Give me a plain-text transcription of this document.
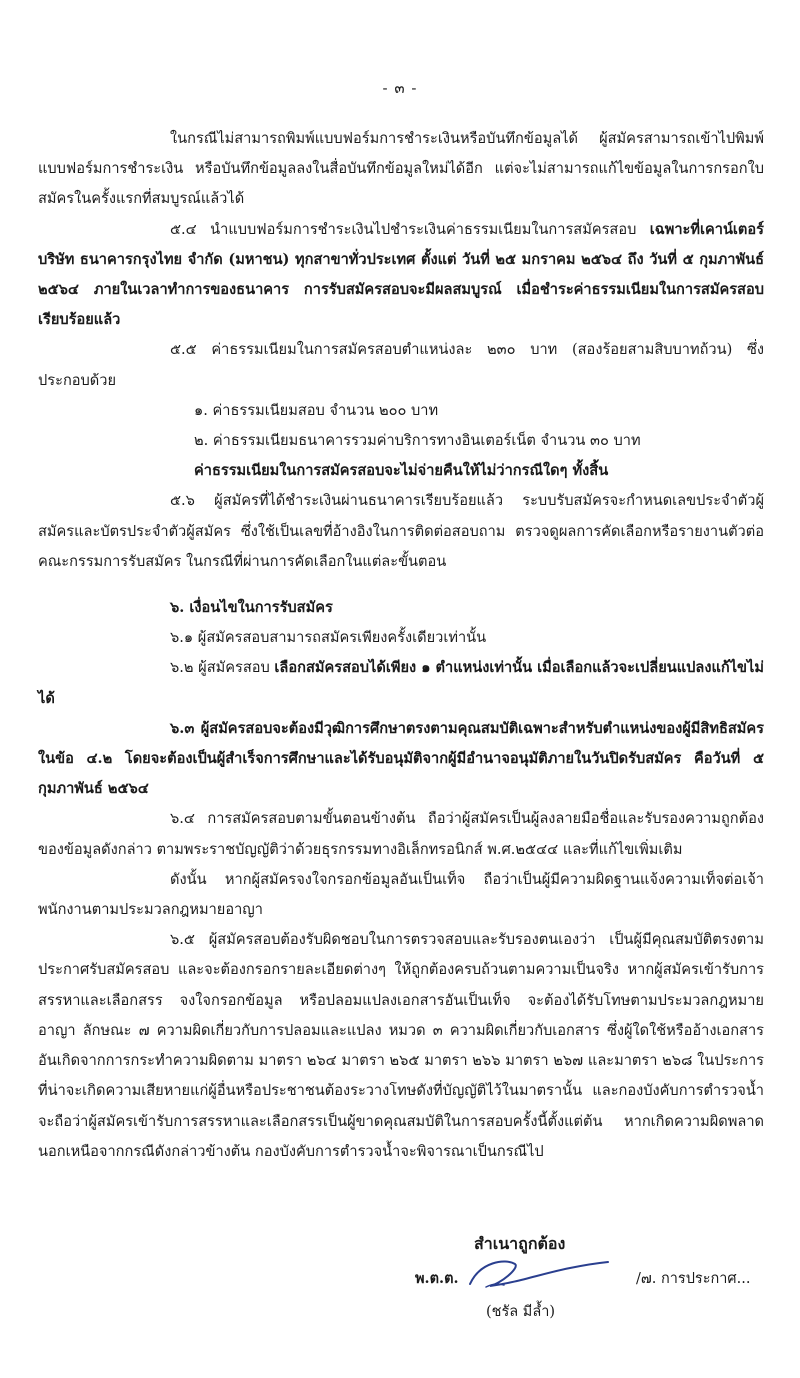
- ๓ -

ในกรณีไม่สามารถพิมพ์แบบฟอร์มการชำระเงินหรือบันทึกข้อมูลได้ ผู้สมัครสามารถเข้าไปพิมพ์แบบฟอร์มการชำระเงิน หรือบันทึกข้อมูลลงในสื่อบันทึกข้อมูลใหม่ได้อีก แต่จะไม่สามารถแก้ไขข้อมูลในการกรอกใบสมัครในครั้งแรกที่สมบูรณ์แล้วได้

๕.๔ นำแบบฟอร์มการชำระเงินไปชำระเงินค่าธรรมเนียมในการสมัครสอบ เฉพาะที่เคาน์เตอร์ บริษัท ธนาคารกรุงไทย จำกัด (มหาชน) ทุกสาขาทั่วประเทศ ตั้งแต่ วันที่ ๒๕ มกราคม ๒๕๖๔ ถึง วันที่ ๕ กุมภาพันธ์ ๒๕๖๔ ภายในเวลาทำการของธนาคาร การรับสมัครสอบจะมีผลสมบูรณ์ เมื่อชำระค่าธรรมเนียมในการสมัครสอบเรียบร้อยแล้ว

๕.๕ ค่าธรรมเนียมในการสมัครสอบตำแหน่งละ ๒๓๐ บาท (สองร้อยสามสิบบาทถ้วน) ซึ่งประกอบด้วย

๑. ค่าธรรมเนียมสอบ จำนวน ๒๐๐ บาท

๒. ค่าธรรมเนียมธนาคารรวมค่าบริการทางอินเตอร์เน็ต จำนวน ๓๐ บาท

ค่าธรรมเนียมในการสมัครสอบจะไม่จ่ายคืนให้ไม่ว่ากรณีใดๆ ทั้งสิ้น

๕.๖ ผู้สมัครที่ได้ชำระเงินผ่านธนาคารเรียบร้อยแล้ว ระบบรับสมัครจะกำหนดเลขประจำตัวผู้สมัครและบัตรประจำตัวผู้สมัคร ซึ่งใช้เป็นเลขที่อ้างอิงในการติดต่อสอบถาม ตรวจดูผลการคัดเลือกหรือรายงานตัวต่อคณะกรรมการรับสมัคร ในกรณีที่ผ่านการคัดเลือกในแต่ละขั้นตอน

๖. เงื่อนไขในการรับสมัคร

๖.๑ ผู้สมัครสอบสามารถสมัครเพียงครั้งเดียวเท่านั้น

๖.๒ ผู้สมัครสอบ เลือกสมัครสอบได้เพียง ๑ ตำแหน่งเท่านั้น เมื่อเลือกแล้วจะเปลี่ยนแปลงแก้ไขไม่ได้

๖.๓ ผู้สมัครสอบจะต้องมีวุฒิการศึกษาตรงตามคุณสมบัติเฉพาะสำหรับตำแหน่งของผู้มีสิทธิสมัคร ในข้อ ๔.๒ โดยจะต้องเป็นผู้สำเร็จการศึกษาและได้รับอนุมัติจากผู้มีอำนาจอนุมัติภายในวันปิดรับสมัคร คือวันที่ ๕ กุมภาพันธ์ ๒๕๖๔

๖.๔ การสมัครสอบตามขั้นตอนข้างต้น ถือว่าผู้สมัครเป็นผู้ลงลายมือชื่อและรับรองความถูกต้องของข้อมูลดังกล่าว ตามพระราชบัญญัติว่าด้วยธุรกรรมทางอิเล็กทรอนิกส์ พ.ศ.๒๕๔๔ และที่แก้ไขเพิ่มเติม

ดังนั้น หากผู้สมัครจงใจกรอกข้อมูลอันเป็นเท็จ ถือว่าเป็นผู้มีความผิดฐานแจ้งความเท็จต่อเจ้าพนักงานตามประมวลกฎหมายอาญา

๖.๕ ผู้สมัครสอบต้องรับผิดชอบในการตรวจสอบและรับรองตนเองว่า เป็นผู้มีคุณสมบัติตรงตามประกาศรับสมัครสอบ และจะต้องกรอกรายละเอียดต่างๆ ให้ถูกต้องครบถ้วนตามความเป็นจริง หากผู้สมัครเข้ารับการสรรหาและเลือกสรร จงใจกรอกข้อมูล หรือปลอมแปลงเอกสารอันเป็นเท็จ จะต้องได้รับโทษตามประมวลกฎหมายอาญา ลักษณะ ๗ ความผิดเกี่ยวกับการปลอมและแปลง หมวด ๓ ความผิดเกี่ยวกับเอกสาร ซึ่งผู้ใดใช้หรืออ้างเอกสารอันเกิดจากการกระทำความผิดตาม มาตรา ๒๖๔ มาตรา ๒๖๕ มาตรา ๒๖๖ มาตรา ๒๖๗ และมาตรา ๒๖๘ ในประการที่น่าจะเกิดความเสียหายแก่ผู้อื่นหรือประชาชนต้องระวางโทษดังที่บัญญัติไว้ในมาตรานั้น และกองบังคับการตำรวจน้ำจะถือว่าผู้สมัครเข้ารับการสรรหาและเลือกสรรเป็นผู้ขาดคุณสมบัติในการสอบครั้งนี้ตั้งแต่ต้น หากเกิดความผิดพลาดนอกเหนือจากกรณีดังกล่าวข้างต้น กองบังคับการตำรวจน้ำจะพิจารณาเป็นกรณีไป

สำเนาถูกต้อง
พ.ต.ต.
(ชรัล มีล้ำ)
/๗. การประกาศ...
